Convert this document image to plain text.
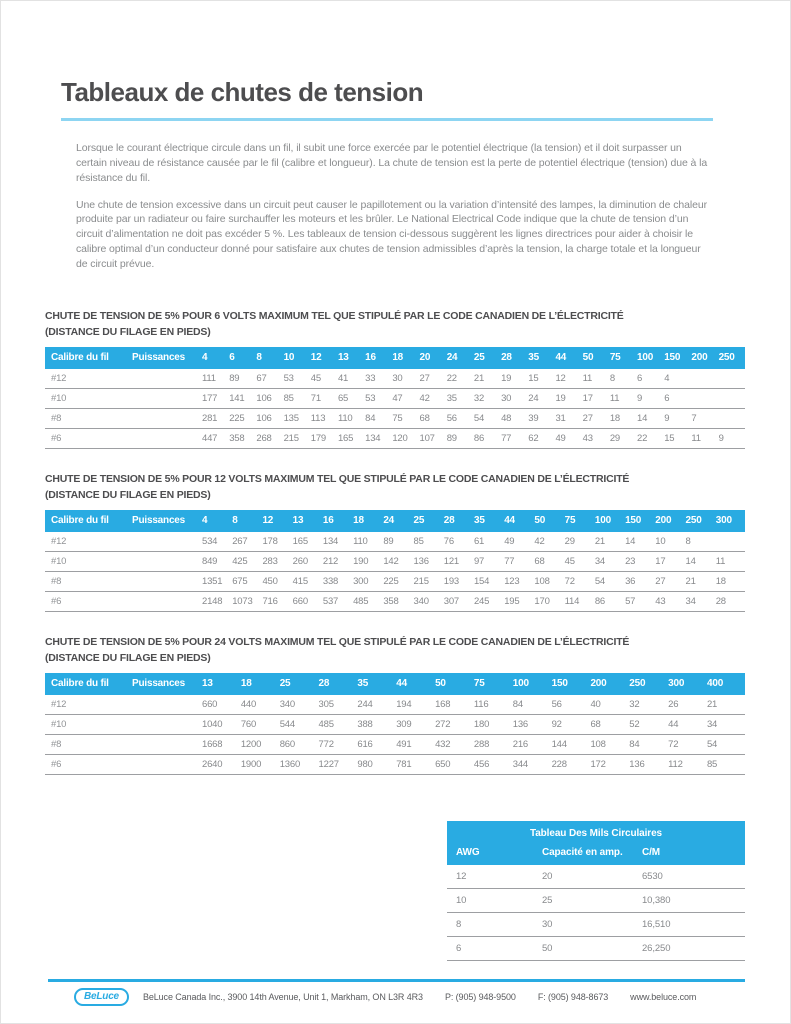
Tableaux de chutes de tension

Lorsque le courant électrique circule dans un fil, il subit une force exercée par le potentiel électrique (la tension) et il doit surpasser un certain niveau de résistance causée par le fil (calibre et longueur). La chute de tension est la perte de potentiel électrique (tension) due à la résistance du fil.

Une chute de tension excessive dans un circuit peut causer le papillotement ou la variation d’intensité des lampes, la diminution de chaleur produite par un radiateur ou faire surchauffer les moteurs et les brûler. Le National Electrical Code indique que la chute de tension d’un circuit d’alimentation ne doit pas excéder 5 %. Les tableaux de tension ci-dessous suggèrent les lignes directrices pour aider à choisir le calibre optimal d’un conducteur donné pour satisfaire aux chutes de tension admissibles d’après la tension, la charge totale et la longueur de circuit prévue.

CHUTE DE TENSION DE 5% POUR 6 VOLTS MAXIMUM TEL QUE STIPULÉ PAR LE CODE CANADIEN DE L’ÉLECTRICITÉ
(DISTANCE DU FILAGE EN PIEDS)
Calibre du fil	Puissances	4	6	8	10	12	13	16	18	20	24	25	28	35	44	50	75	100	150	200	250
#12		111	89	67	53	45	41	33	30	27	22	21	19	15	12	11	8	6	4		
#10		177	141	106	85	71	65	53	47	42	35	32	30	24	19	17	11	9	6		
#8		281	225	106	135	113	110	84	75	68	56	54	48	39	31	27	18	14	9	7	
#6		447	358	268	215	179	165	134	120	107	89	86	77	62	49	43	29	22	15	11	9
CHUTE DE TENSION DE 5% POUR 12 VOLTS MAXIMUM TEL QUE STIPULÉ PAR LE CODE CANADIEN DE L’ÉLECTRICITÉ
(DISTANCE DU FILAGE EN PIEDS)
Calibre du fil	Puissances	4	8	12	13	16	18	24	25	28	35	44	50	75	100	150	200	250	300
#12		534	267	178	165	134	110	89	85	76	61	49	42	29	21	14	10	8	
#10		849	425	283	260	212	190	142	136	121	97	77	68	45	34	23	17	14	11
#8		1351	675	450	415	338	300	225	215	193	154	123	108	72	54	36	27	21	18
#6		2148	1073	716	660	537	485	358	340	307	245	195	170	114	86	57	43	34	28
CHUTE DE TENSION DE 5% POUR 24 VOLTS MAXIMUM TEL QUE STIPULÉ PAR LE CODE CANADIEN DE L’ÉLECTRICITÉ
(DISTANCE DU FILAGE EN PIEDS)
Calibre du fil	Puissances	13	18	25	28	35	44	50	75	100	150	200	250	300	400
#12		660	440	340	305	244	194	168	116	84	56	40	32	26	21
#10		1040	760	544	485	388	309	272	180	136	92	68	52	44	34
#8		1668	1200	860	772	616	491	432	288	216	144	108	84	72	54
#6		2640	1900	1360	1227	980	781	650	456	344	228	172	136	112	85
Tableau Des Mils Circulaires		
AWG	Capacité en amp.	C/M
12	20	6530
10	25	10,380
8	30	16,510
6	50	26,250
BeLuce	BeLuce Canada Inc., 3900 14th Avenue, Unit 1, Markham, ON L3R 4R3 P: (905) 948-9500 F: (905) 948-8673 www.beluce.com
